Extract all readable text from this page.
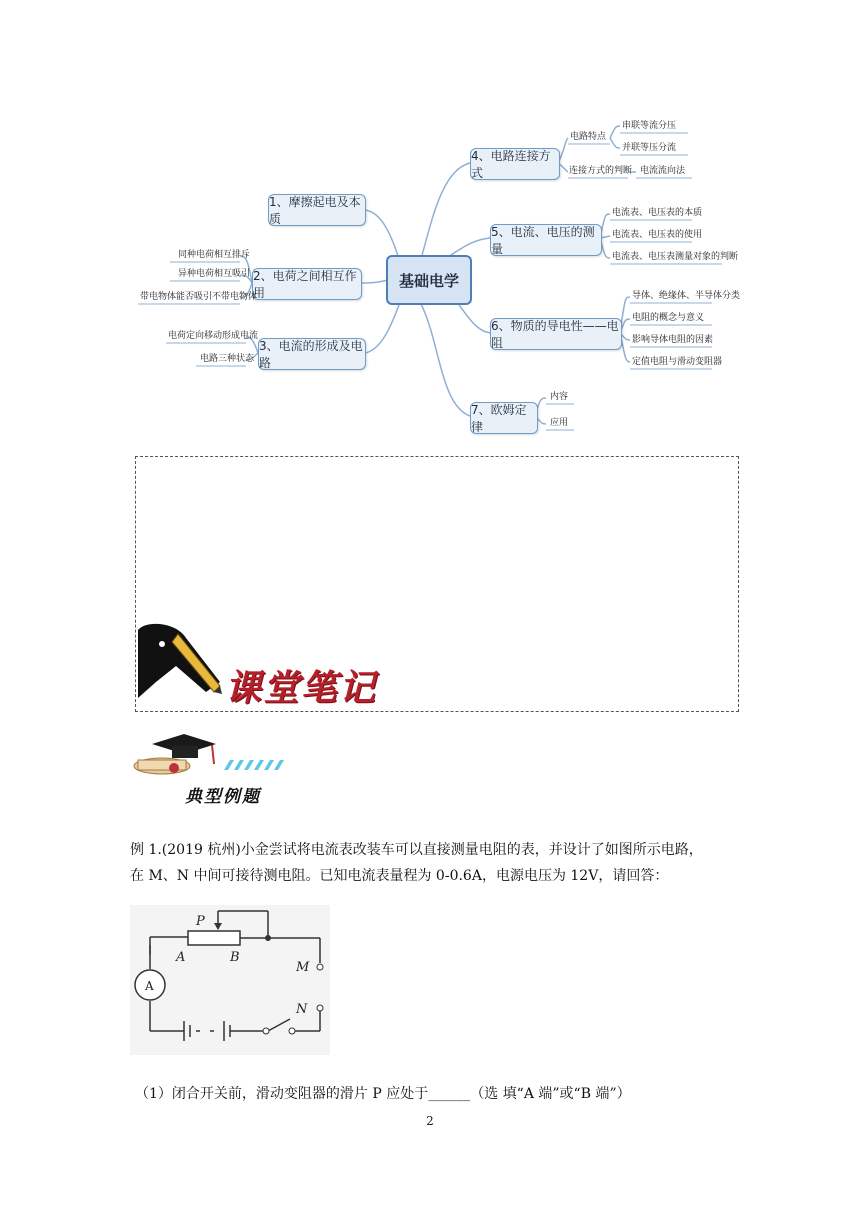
基础电学
1、摩擦起电及本质
2、电荷之间相互作用
3、电流的形成及电路
4、电路连接方式
5、电流、电压的测量
6、物质的导电性——电阻
7、欧姆定律
电路特点
连接方式的判断
串联等流分压
并联等压分流
电流流向法
电流表、电压表的本质
电流表、电压表的使用
电流表、电压表测量对象的判断
导体、绝缘体、半导体分类
电阻的概念与意义
影响导体电阻的因素
定值电阻与滑动变阻器
内容
应用
同种电荷相互排斥
异种电荷相互吸引
带电物体能否吸引不带电物体
电荷定向移动形成电流
电路三种状态
课堂笔记
典型例题
例 1.(2019 杭州)小金尝试将电流表改装车可以直接测量电阻的表，并设计了如图所示电路，
在 M、N 中间可接待测电阻。已知电流表量程为 0-0.6A，电源电压为 12V，请回答：
P
A	B
M
N
A
（1）闭合开关前，滑动变阻器的滑片 P 应处于______（选 填“A 端”或“B 端”）
2
